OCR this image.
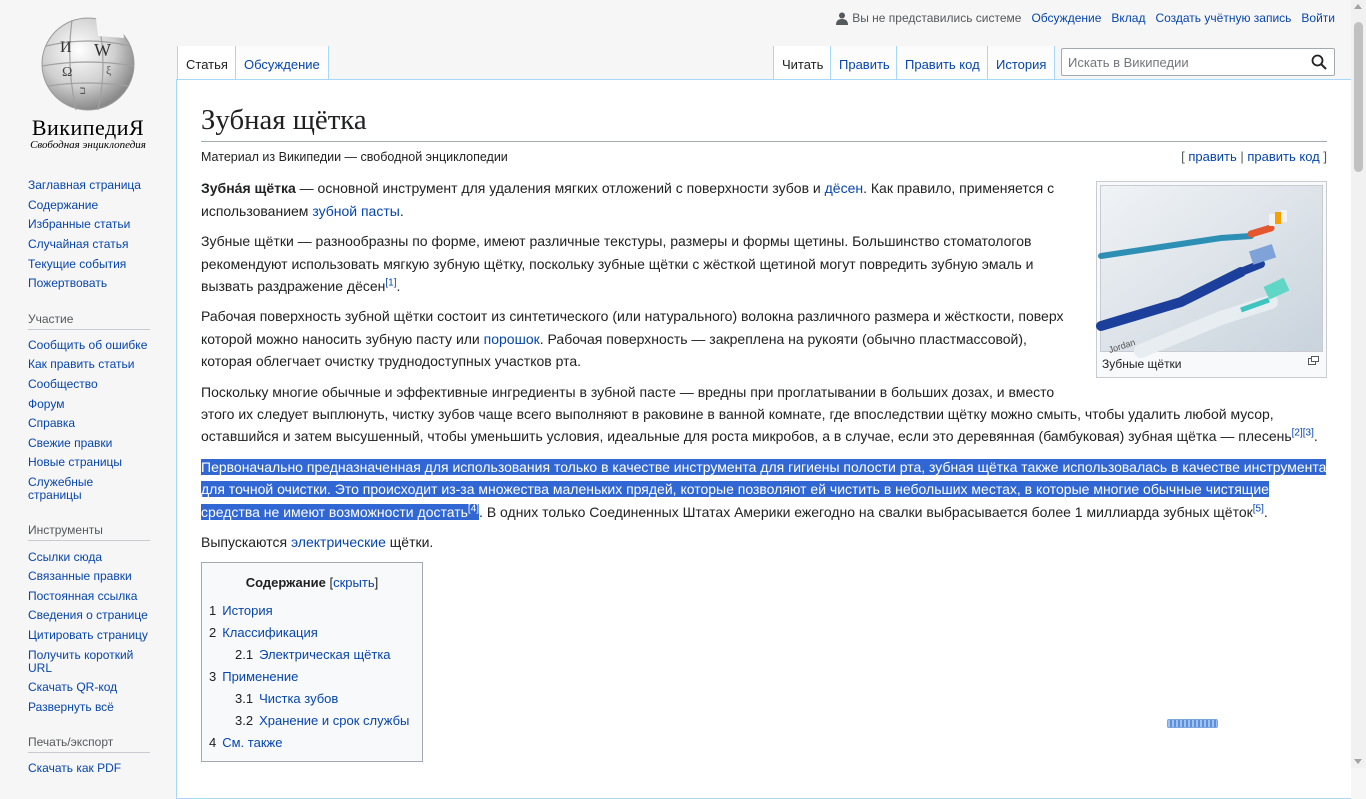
И W
Ω	ξ
ב
ВикипедиЯ
Свободная энциклопедия
Вы не представились системе Обсуждение Вклад Создать учётную запись Войти
Статья	Обсуждение	Читать	Править	Править код	История
Искать в Википедии
Заглавная страница
Содержание
Избранные статьи
Случайная статья
Текущие события
Пожертвовать
Участие
Сообщить об ошибке
Как править статьи
Сообщество
Форум
Справка
Свежие правки
Новые страницы
Служебные страницы
Инструменты
Ссылки сюда
Связанные правки
Постоянная ссылка
Сведения о странице
Цитировать страницу
Получить короткий URL
Скачать QR-код
Развернуть всё
Печать/экспорт
Скачать как PDF
Зубная щётка
Материал из Википедии — свободной энциклопедии	[ править | править код ]
Jordan
Зубные щётки

Зубна́я щётка — основной инструмент для удаления мягких отложений с поверхности зубов и дёсен. Как правило, применяется с использованием зубной пасты.

Зубные щётки — разнообразны по форме, имеют различные текстуры, размеры и формы щетины. Большинство стоматологов рекомендуют использовать мягкую зубную щётку, поскольку зубные щётки с жёсткой щетиной могут повредить зубную эмаль и вызвать раздражение дёсен[1].

Рабочая поверхность зубной щётки состоит из синтетического (или натурального) волокна различного размера и жёсткости, поверх которой можно наносить зубную пасту или порошок. Рабочая поверхность — закреплена на рукояти (обычно пластмассовой), которая облегчает очистку труднодоступных участков рта.

Поскольку многие обычные и эффективные ингредиенты в зубной пасте — вредны при проглатывании в больших дозах, и вместо этого их следует выплюнуть, чистку зубов чаще всего выполняют в раковине в ванной комнате, где впоследствии щётку можно смыть, чтобы удалить любой мусор, оставшийся и затем высушенный, чтобы уменьшить условия, идеальные для роста микробов, а в случае, если это деревянная (бамбуковая) зубная щётка — плесень[2][3].

Первоначально предназначенная для использования только в качестве инструмента для гигиены полости рта, зубная щётка также использовалась в качестве инструмента для точной очистки. Это происходит из-за множества маленьких прядей, которые позволяют ей чистить в небольших местах, в которые многие обычные чистящие средства не имеют возможности достать[4]. В одних только Соединенных Штатах Америки ежегодно на свалки выбрасывается более 1 миллиарда зубных щёток[5].

Выпускаются электрические щётки.

Содержание [скрыть]
1 История
2 Классификация
2.1 Электрическая щётка
3 Применение
3.1 Чистка зубов
3.2 Хранение и срок службы
4 См. также
